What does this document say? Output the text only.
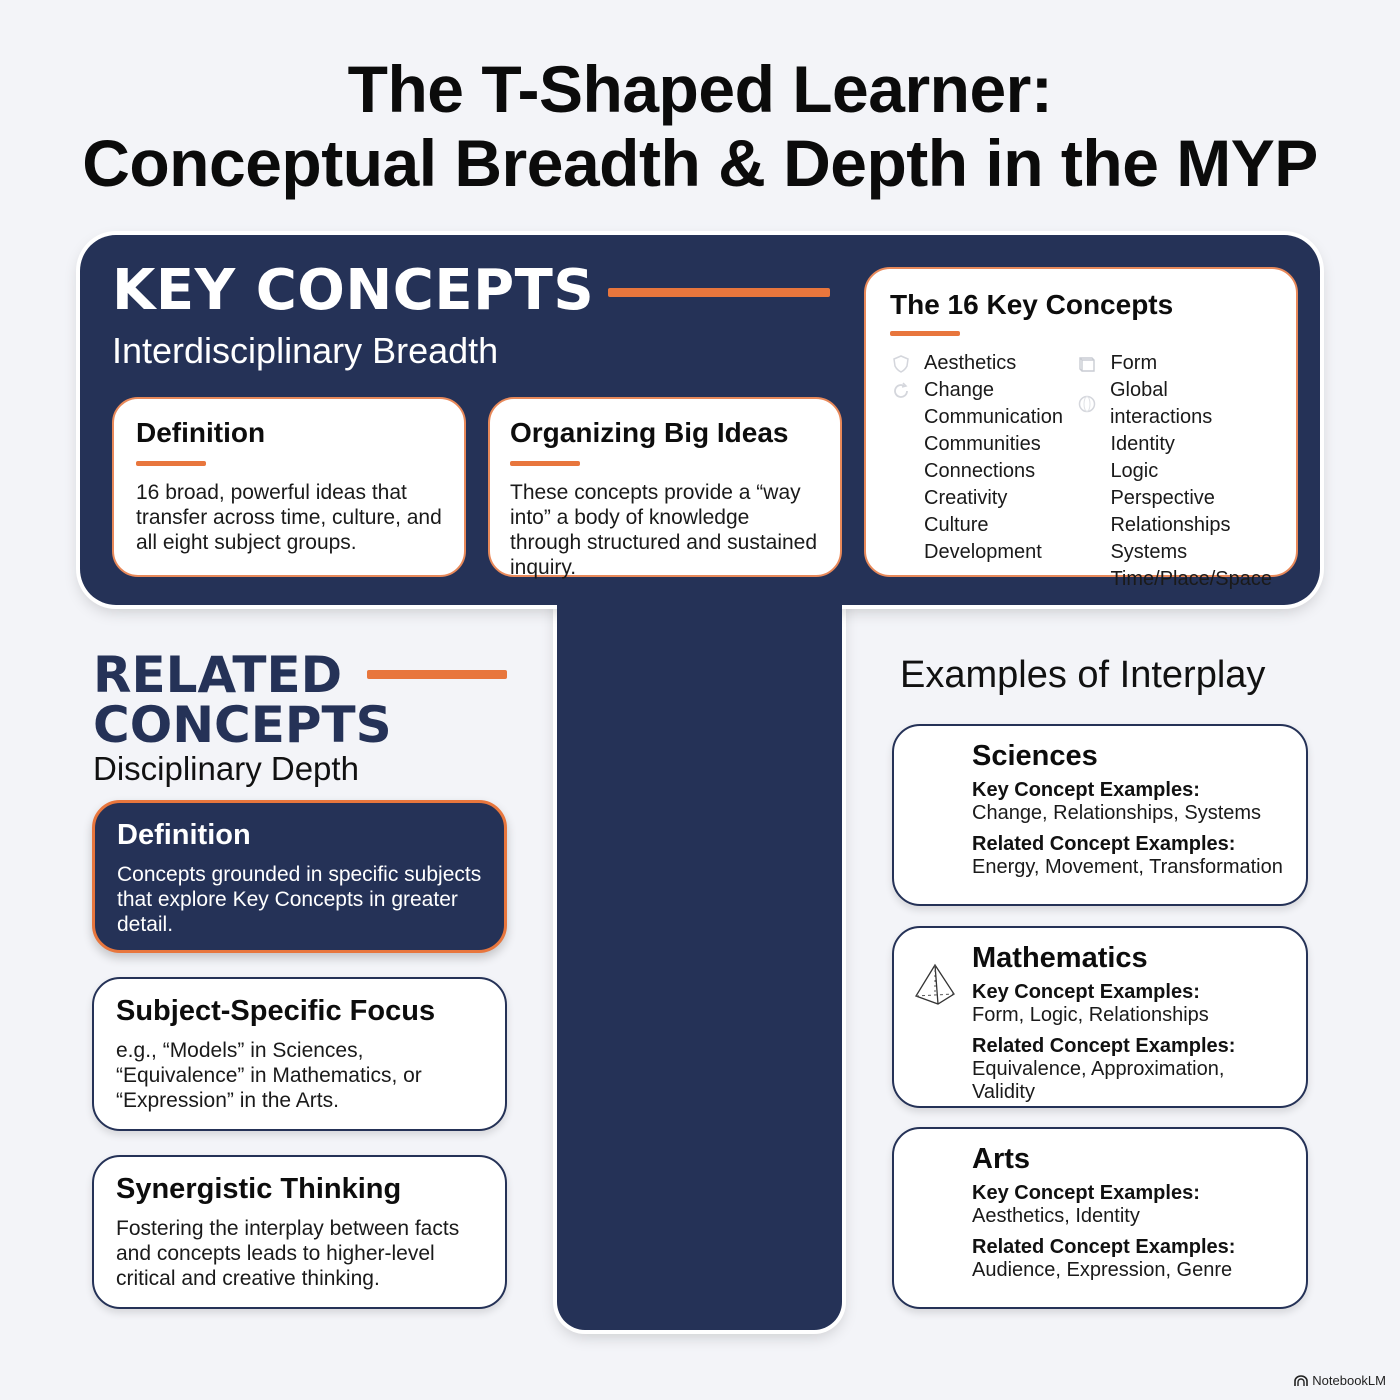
The T-Shaped Learner:
Conceptual Breadth & Depth in the MYP
KEY CONCEPTS
Interdisciplinary Breadth
Definition

16 broad, powerful ideas that transfer across time, culture, and all eight subject groups.

Organizing Big Ideas

These concepts provide a “way into” a body of knowledge through structured and sustained inquiry.

The 16 Key Concepts
Aesthetics
Change
Communication
Communities
Connections
Creativity
Culture
Development
Form
Global interactions
Identity
Logic
Perspective
Relationships
Systems
Time/Place/Space
RELATED
CONCEPTS
Disciplinary Depth
Definition

Concepts grounded in specific subjects that explore Key Concepts in greater detail.

Subject-Specific Focus

e.g., “Models” in Sciences, “Equivalence” in Mathematics, or “Expression” in the Arts.

Synergistic Thinking

Fostering the interplay between facts and concepts leads to higher-level critical and creative thinking.

Examples of Interplay
Sciences
Key Concept Examples:
Change, Relationships, Systems
Related Concept Examples:
Energy, Movement, Transformation
Mathematics
Key Concept Examples:
Form, Logic, Relationships
Related Concept Examples:
Equivalence, Approximation, Validity
Arts
Key Concept Examples:
Aesthetics, Identity
Related Concept Examples:
Audience, Expression, Genre
NotebookLM
